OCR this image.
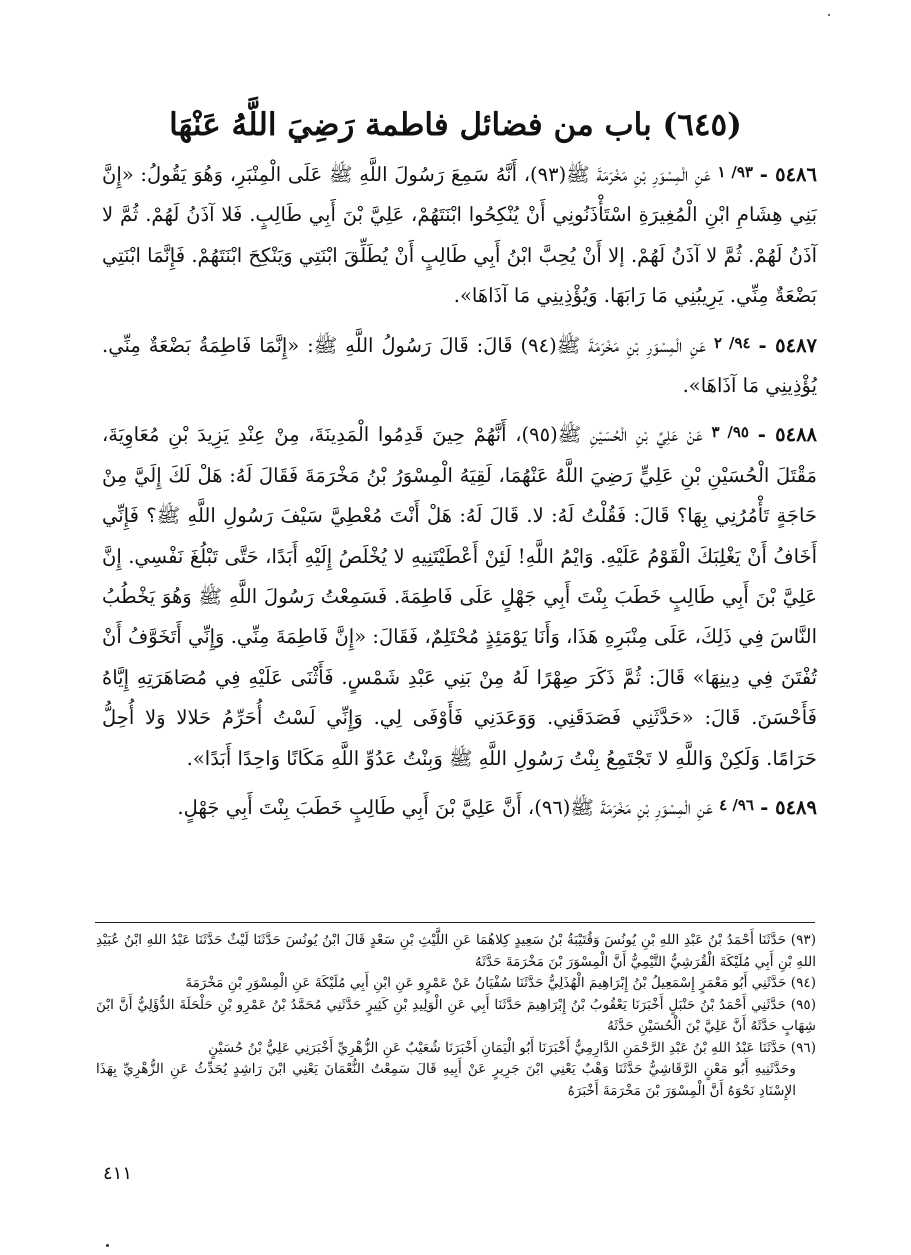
(٦٤٥) باب من فضائل فاطمة رَضِيَ اللَّهُ عَنْهَا

٥٤٨٦ - $^{٩٣/ ١}$ عَنِ الْمِسْوَرِ بْنِ مَخْرَمَةَ ﷺ(٩٣)، أَنَّهُ سَمِعَ رَسُولَ اللَّهِ ﷺ عَلَى الْمِنْبَرِ، وَهُوَ يَقُولُ: «إِنَّ بَنِي هِشَامِ ابْنِ الْمُغِيرَةِ اسْتَأْذَنُونِي أَنْ يُنْكِحُوا ابْنَتَهُمْ، عَلِيَّ بْنَ أَبِي طَالِبٍ. فَلا آذَنُ لَهُمْ. ثُمَّ لا آذَنُ لَهُمْ. ثُمَّ لا آذَنُ لَهُمْ. إلا أَنْ يُحِبَّ ابْنُ أَبِي طَالِبٍ أَنْ يُطَلِّقَ ابْنَتِي وَيَنْكِحَ ابْنَتَهُمْ. فَإِنَّمَا ابْنَتِي بَضْعَةٌ مِنِّي. يَرِيبُنِي مَا رَابَهَا. وَيُؤْذِينِي مَا آذَاهَا».

٥٤٨٧ - $^{٩٤/ ٢}$ عَنِ الْمِسْوَرِ بْنِ مَخْرَمَةَ ﷺ(٩٤) قَالَ: قَالَ رَسُولُ اللَّهِ ﷺ: «إِنَّمَا فَاطِمَةُ بَضْعَةٌ مِنِّي. يُؤْذِينِي مَا آذَاهَا».

٥٤٨٨ - $^{٩٥/ ٣}$ عَنْ عَلِيِّ بْنِ الْحُسَيْنِ ﷺ(٩٥)، أَنَّهُمْ حِينَ قَدِمُوا الْمَدِينَةَ، مِنْ عِنْدِ يَزِيدَ بْنِ مُعَاوِيَةَ، مَقْتَلَ الْحُسَيْنِ بْنِ عَلِيٍّ رَضِيَ اللَّهُ عَنْهُمَا، لَقِيَهُ الْمِسْوَرُ بْنُ مَخْرَمَةَ فَقَالَ لَهُ: هَلْ لَكَ إِلَيَّ مِنْ حَاجَةٍ تَأْمُرُنِي بِهَا؟ قَالَ: فَقُلْتُ لَهُ: لا. قَالَ لَهُ: هَلْ أَنْتَ مُعْطِيَّ سَيْفَ رَسُولِ اللَّهِ ﷺ؟ فَإِنِّي أَخَافُ أَنْ يَغْلِبَكَ الْقَوْمُ عَلَيْهِ. وَايْمُ اللَّهِ! لَئِنْ أَعْطَيْتَنِيهِ لا يُخْلَصُ إِلَيْهِ أَبَدًا، حَتَّى تَبْلُغَ نَفْسِي. إِنَّ عَلِيَّ بْنَ أَبِي طَالِبٍ خَطَبَ بِنْتَ أَبِي جَهْلٍ عَلَى فَاطِمَةَ. فَسَمِعْتُ رَسُولَ اللَّهِ ﷺ وَهُوَ يَخْطُبُ النَّاسَ فِي ذَلِكَ، عَلَى مِنْبَرِهِ هَذَا، وَأَنَا يَوْمَئِذٍ مُحْتَلِمٌ، فَقَالَ: «إِنَّ فَاطِمَةَ مِنِّي. وَإِنِّي أَتَخَوَّفُ أَنْ تُفْتَنَ فِي دِينِهَا» قَالَ: ثُمَّ ذَكَرَ صِهْرًا لَهُ مِنْ بَنِي عَبْدِ شَمْسٍ. فَأَثْنَى عَلَيْهِ فِي مُصَاهَرَتِهِ إِيَّاهُ فَأَحْسَنَ. قَالَ: «حَدَّثَنِي فَصَدَقَنِي. وَوَعَدَنِي فَأَوْفَى لِي. وَإِنِّي لَسْتُ أُحَرِّمُ حَلالا وَلا أُحِلُّ حَرَامًا. وَلَكِنْ وَاللَّهِ لا تَجْتَمِعُ بِنْتُ رَسُولِ اللَّهِ ﷺ وَبِنْتُ عَدُوِّ اللَّهِ مَكَانًا وَاحِدًا أَبَدًا».

٥٤٨٩ - $^{٩٦/ ٤}$ عَنِ الْمِسْوَرِ بْنِ مَخْرَمَةَ ﷺ(٩٦)، أَنَّ عَلِيَّ بْنَ أَبِي طَالِبٍ خَطَبَ بِنْتَ أَبِي جَهْلٍ.

(٩٣) حَدَّثَنَا أَحْمَدُ بْنُ عَبْدِ اللهِ بْنِ يُونُسَ وَقُتَيْبَةُ بْنُ سَعِيدٍ كِلاهُمَا عَنِ اللَّيْثِ بْنِ سَعْدٍ قَالَ ابْنُ يُونُسَ حَدَّثَنَا لَيْثٌ حَدَّثَنَا عَبْدُ اللهِ ابْنُ عُبَيْدِ اللهِ بْنِ أَبِي مُلَيْكَةَ الْقُرَشِيُّ التَّيْمِيُّ أَنَّ الْمِسْوَرَ بْنَ مَخْرَمَةَ حَدَّثَهُ

(٩٤) حَدَّثَنِي أَبُو مَعْمَرٍ إِسْمَعِيلُ بْنُ إِبْرَاهِيمَ الْهُذَلِيُّ حَدَّثَنَا سُفْيَانُ عَنْ عَمْرٍو عَنِ ابْنِ أَبِي مُلَيْكَةَ عَنِ الْمِسْوَرِ بْنِ مَخْرَمَةَ

(٩٥) حَدَّثَنِي أَحْمَدُ بْنُ حَنْبَلٍ أَخْبَرَنَا يَعْقُوبُ بْنُ إِبْرَاهِيمَ حَدَّثَنَا أَبِي عَنِ الْوَلِيدِ بْنِ كَثِيرٍ حَدَّثَنِي مُحَمَّدُ بْنُ عَمْرِو بْنِ حَلْحَلَةَ الدُّؤَلِيُّ أَنَّ ابْنَ شِهَابٍ حَدَّثَهُ أَنَّ عَلِيَّ بْنَ الْحُسَيْنِ حَدَّثَهُ

(٩٦) حَدَّثَنَا عَبْدُ اللهِ بْنُ عَبْدِ الرَّحْمَنِ الدَّارِمِيُّ أَخْبَرَنَا أَبُو الْيَمَانِ أَخْبَرَنَا شُعَيْبٌ عَنِ الزُّهْرِيِّ أَخْبَرَنِي عَلِيُّ بْنُ حُسَيْنٍ

وحَدَّثَنِيهِ أَبُو مَعْنٍ الرَّقَاشِيُّ حَدَّثَنَا وَهْبٌ يَعْنِي ابْنَ جَرِيرٍ عَنْ أَبِيهِ قَالَ سَمِعْتُ النُّعْمَانَ يَعْنِي ابْنَ رَاشِدٍ يُحَدِّثُ عَنِ الزُّهْرِيِّ بِهَذَا الإِسْنَادِ نَحْوَهُ أَنَّ الْمِسْوَرَ بْنَ مَخْرَمَةَ أَخْبَرَهُ

٤١١
